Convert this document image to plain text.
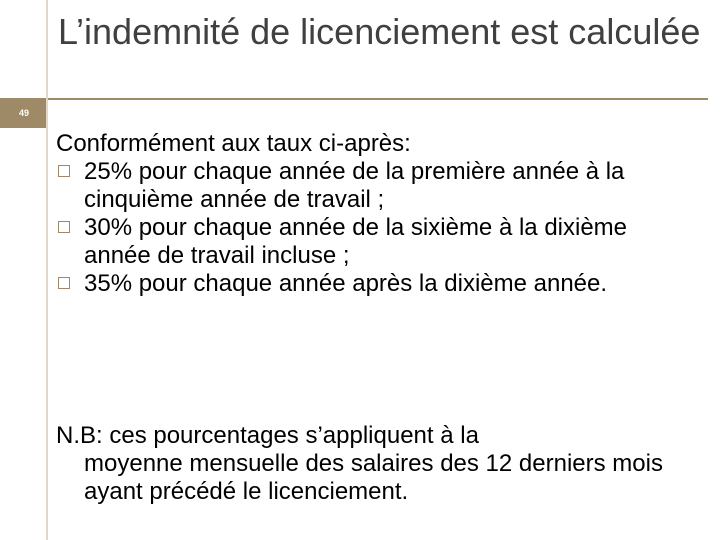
49
L’indemnité de licenciement est calculée

Conformément aux taux ci-après:

25% pour chaque année de la première année à la cinquième année de travail ;
30% pour chaque année de la sixième à la dixième année de travail incluse ;
35% pour chaque année après la dixième année.
N.B: ces pourcentages s’appliquent à la
moyenne mensuelle des salaires des 12 derniers mois ayant précédé le licenciement.
